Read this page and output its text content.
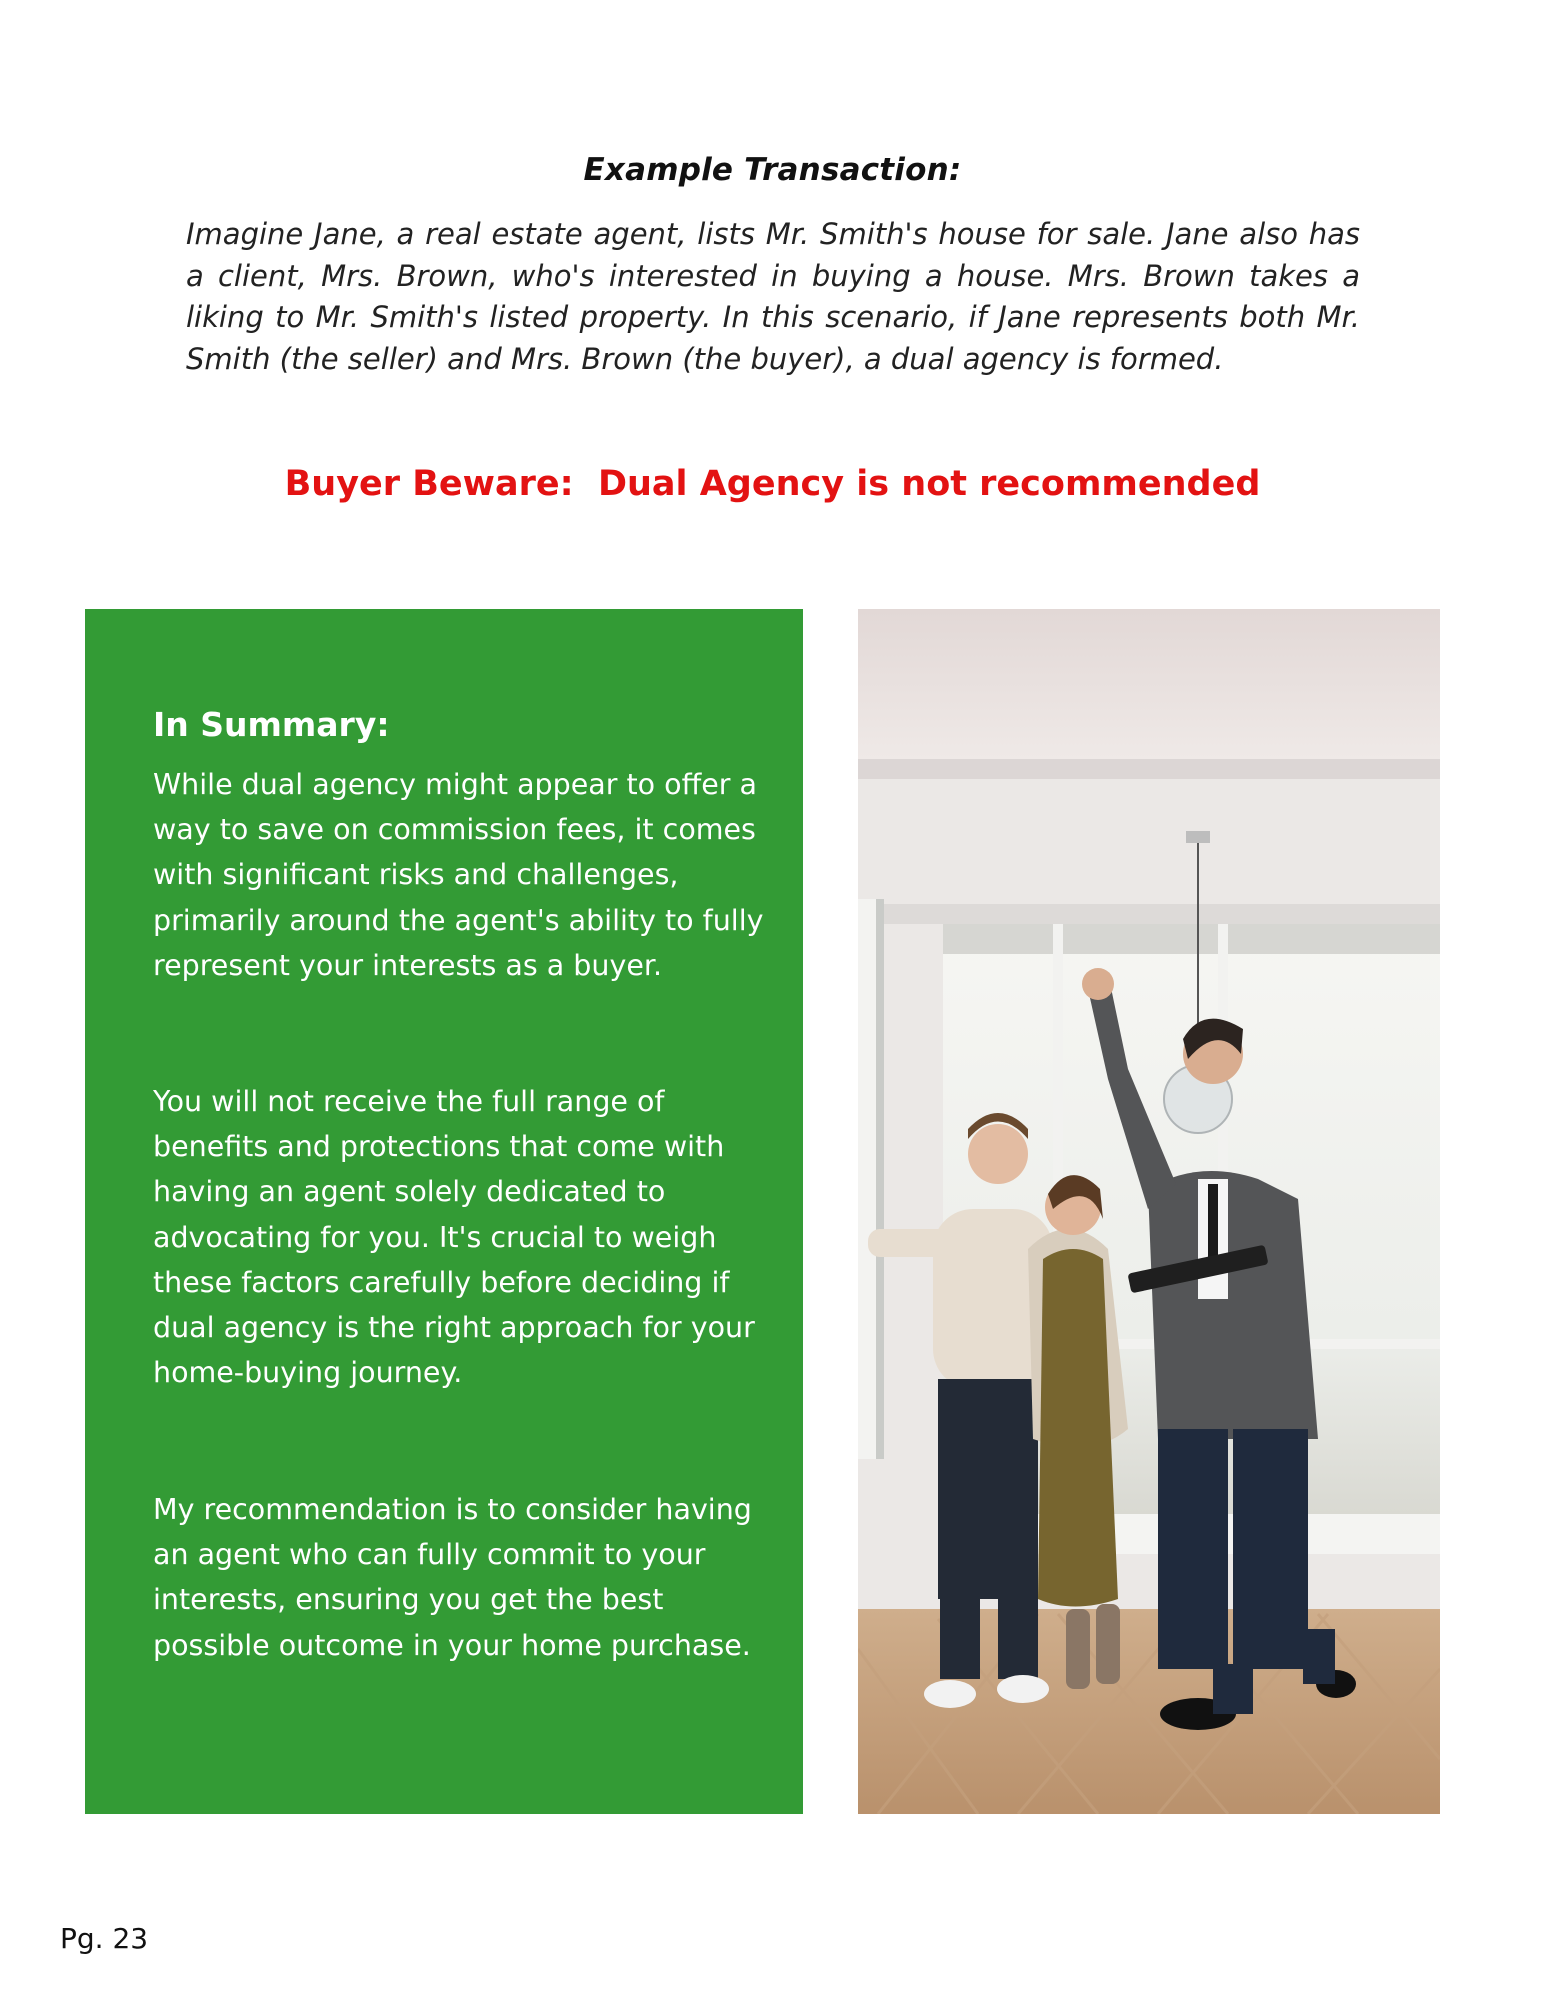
Example Transaction:

Imagine Jane, a real estate agent, lists Mr. Smith's house for sale. Jane also has a client, Mrs. Brown, who's interested in buying a house. Mrs. Brown takes a liking to Mr. Smith's listed property. In this scenario, if Jane represents both Mr. Smith (the seller) and Mrs. Brown (the buyer), a dual agency is formed.

Buyer Beware: Dual Agency is not recommended

In Summary:

While dual agency might appear to offer a way to save on commission fees, it comes with significant risks and challenges, primarily around the agent's ability to fully represent your interests as a buyer.

You will not receive the full range of benefits and protections that come with having an agent solely dedicated to advocating for you. It's crucial to weigh these factors carefully before deciding if dual agency is the right approach for your home-buying journey.

My recommendation is to consider having an agent who can fully commit to your interests, ensuring you get the best possible outcome in your home purchase.

Pg. 23
